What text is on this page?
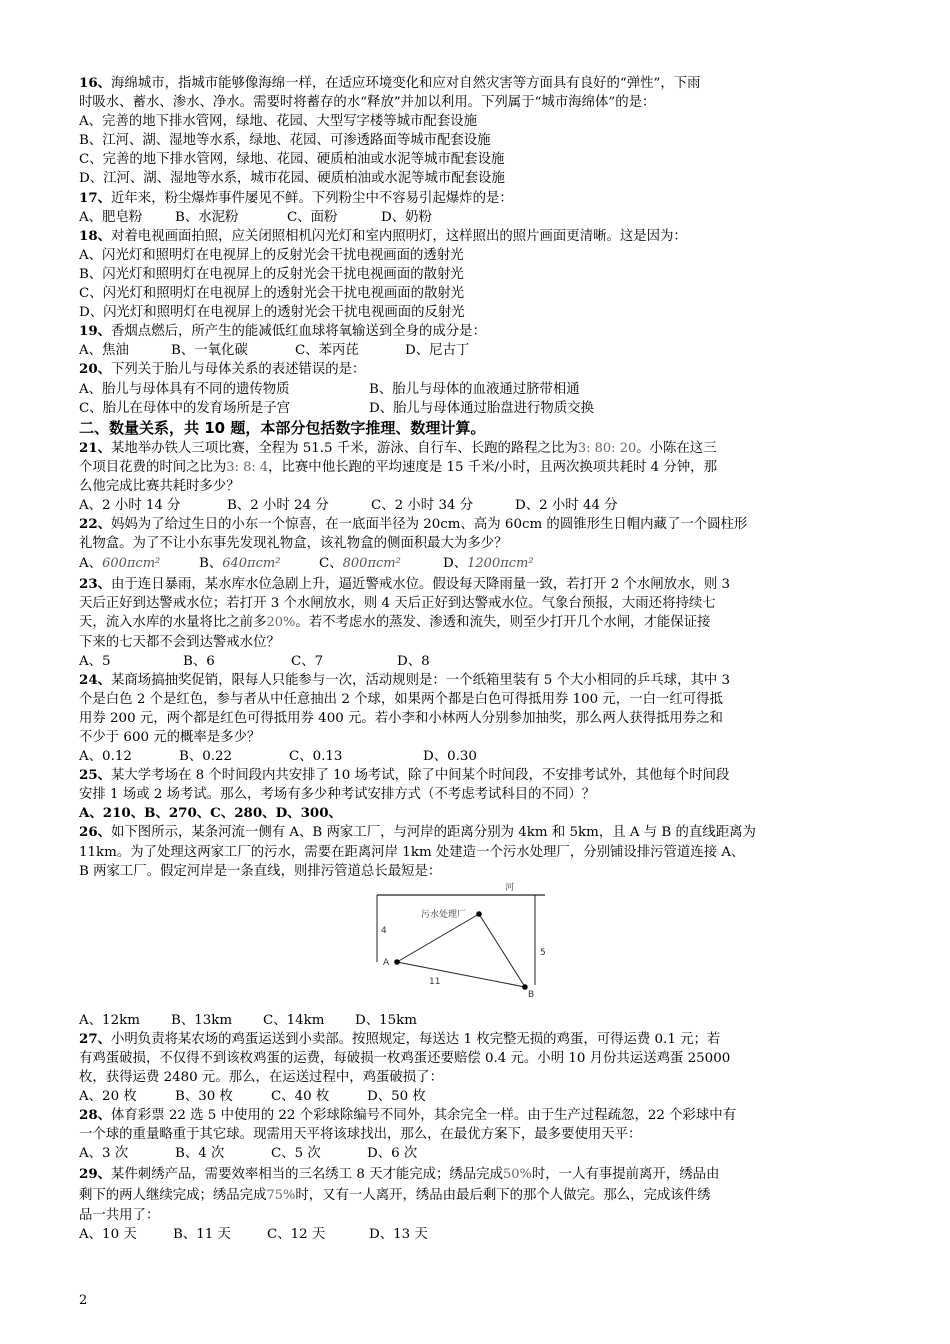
16、海绵城市，指城市能够像海绵一样，在适应环境变化和应对自然灾害等方面具有良好的“弹性”，下雨
时吸水、蓄水、渗水、净水。需要时将蓄存的水“释放”并加以利用。下列属于“城市海绵体”的是：
A、完善的地下排水管网，绿地、花园、大型写字楼等城市配套设施
B、江河、湖、湿地等水系，绿地、花园、可渗透路面等城市配套设施
C、完善的地下排水管网，绿地、花园、硬质柏油或水泥等城市配套设施
D、江河、湖、湿地等水系，城市花园、硬质柏油或水泥等城市配套设施
17、近年来，粉尘爆炸事件屡见不鲜。下列粉尘中不容易引起爆炸的是：
A、肥皂粉 B、水泥粉	C、面粉	D、奶粉
18、对着电视画面拍照，应关闭照相机闪光灯和室内照明灯，这样照出的照片画面更清晰。这是因为：
A、闪光灯和照明灯在电视屏上的反射光会干扰电视画面的透射光
B、闪光灯和照明灯在电视屏上的反射光会干扰电视画面的散射光
C、闪光灯和照明灯在电视屏上的透射光会干扰电视画面的散射光
D、闪光灯和照明灯在电视屏上的透射光会干扰电视画面的反射光
19、香烟点燃后，所产生的能减低红血球将氧输送到全身的成分是：
A、焦油	B、一氧化碳	C、苯丙芘	D、尼古丁
20、下列关于胎儿与母体关系的表述错误的是：
A、胎儿与母体具有不同的遗传物质	B、胎儿与母体的血液通过脐带相通
C、胎儿在母体中的发育场所是子宫	D、胎儿与母体通过胎盘进行物质交换
二、数量关系，共 10 题，本部分包括数字推理、数理计算。
21、某地举办铁人三项比赛，全程为 51.5 千米，游泳、自行车、长跑的路程之比为3: 80: 20。小陈在这三
个项目花费的时间之比为3: 8: 4，比赛中他长跑的平均速度是 15 千米/小时，且两次换项共耗时 4 分钟，那
么他完成比赛共耗时多少？
A、2 小时 14 分	B、2 小时 24 分	C、2 小时 34 分	D、2 小时 44 分
22、妈妈为了给过生日的小东一个惊喜，在一底面半径为 20cm、高为 60cm 的圆锥形生日帽内藏了一个圆柱形
礼物盒。为了不让小东事先发现礼物盒，该礼物盒的侧面积最大为多少？
A、600πcm²	B、640πcm²	C、800πcm²	D、1200πcm²
23、由于连日暴雨，某水库水位急剧上升，逼近警戒水位。假设每天降雨量一致，若打开 2 个水闸放水，则 3
天后正好到达警戒水位；若打开 3 个水闸放水，则 4 天后正好到达警戒水位。气象台预报，大雨还将持续七
天，流入水库的水量将比之前多20%。若不考虑水的蒸发、渗透和流失，则至少打开几个水闸，才能保证接
下来的七天都不会到达警戒水位？
A、5	B、6	C、7	D、8
24、某商场搞抽奖促销，限每人只能参与一次，活动规则是：一个纸箱里装有 5 个大小相同的乒乓球，其中 3
个是白色 2 个是红色，参与者从中任意抽出 2 个球，如果两个都是白色可得抵用券 100 元，一白一红可得抵
用券 200 元，两个都是红色可得抵用券 400 元。若小李和小林两人分别参加抽奖，那么两人获得抵用券之和
不少于 600 元的概率是多少？
A、0.12	B、0.22	C、0.13	D、0.30
25、某大学考场在 8 个时间段内共安排了 10 场考试，除了中间某个时间段，不安排考试外，其他每个时间段
安排 1 场或 2 场考试。那么，考场有多少种考试安排方式（不考虑考试科目的不同）？
A、210、B、270、C、280、D、300、
26、如下图所示，某条河流一侧有 A、B 两家工厂，与河岸的距离分别为 4km 和 5km，且 A 与 B 的直线距离为
11km。为了处理这两家工厂的污水，需要在距离河岸 1km 处建造一个污水处理厂，分别铺设排污管道连接 A、
B 两家工厂。假定河岸是一条直线，则排污管道总长最短是：
河
污水处理厂
A
B
4
5
11
A、12km B、13km C、14km D、15km
27、小明负责将某农场的鸡蛋运送到小卖部。按照规定，每送达 1 枚完整无损的鸡蛋，可得运费 0.1 元；若
有鸡蛋破损，不仅得不到该枚鸡蛋的运费，每破损一枚鸡蛋还要赔偿 0.4 元。小明 10 月份共运送鸡蛋 25000
枚，获得运费 2480 元。那么，在运送过程中，鸡蛋破损了：
A、20 枚	B、30 枚	C、40 枚	D、50 枚
28、体育彩票 22 选 5 中使用的 22 个彩球除编号不同外，其余完全一样。由于生产过程疏忽，22 个彩球中有
一个球的重量略重于其它球。现需用天平将该球找出，那么，在最优方案下，最多要使用天平：
A、3 次	B、4 次	C、5 次	D、6 次
29、某件刺绣产品，需要效率相当的三名绣工 8 天才能完成；绣品完成50%时，一人有事提前离开，绣品由
剩下的两人继续完成；绣品完成75%时，又有一人离开，绣品由最后剩下的那个人做完。那么，完成该件绣
品一共用了：
A、10 天	B、11 天	C、12 天	D、13 天
2
